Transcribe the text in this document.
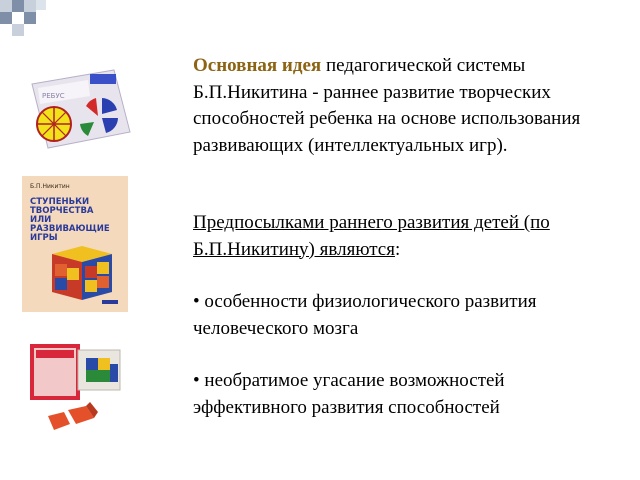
РЕБУС
Б.П.Никитин
СТУПЕНЬКИ
ТВОРЧЕСТВА
ИЛИ
РАЗВИВАЮЩИЕ
ИГРЫ

Основная идея педагогической системы Б.П.Никитина - раннее развитие творческих способностей ребенка на основе использования развивающих (интеллектуальных игр).

Предпосылками раннего развития детей (по Б.П.Никитину) являются:

• особенности физиологического развития человеческого мозга

• необратимое угасание возможностей эффективного развития способностей
